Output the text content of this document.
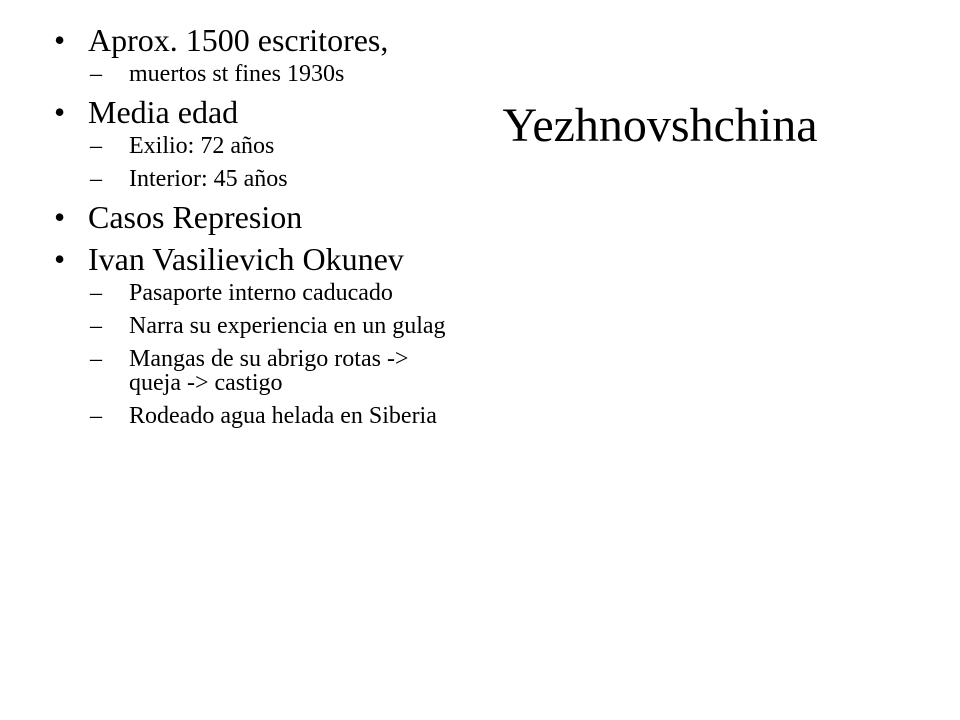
Yezhnovshchina
• Aprox. 1500 escritores,
– muertos st fines 1930s
• Media edad
– Exilio: 72 años
– Interior: 45 años
• Casos Represion
• Ivan Vasilievich Okunev
– Pasaporte interno caducado
– Narra su experiencia en un gulag
– Mangas de su abrigo rotas -> queja -> castigo
– Rodeado agua helada en Siberia
